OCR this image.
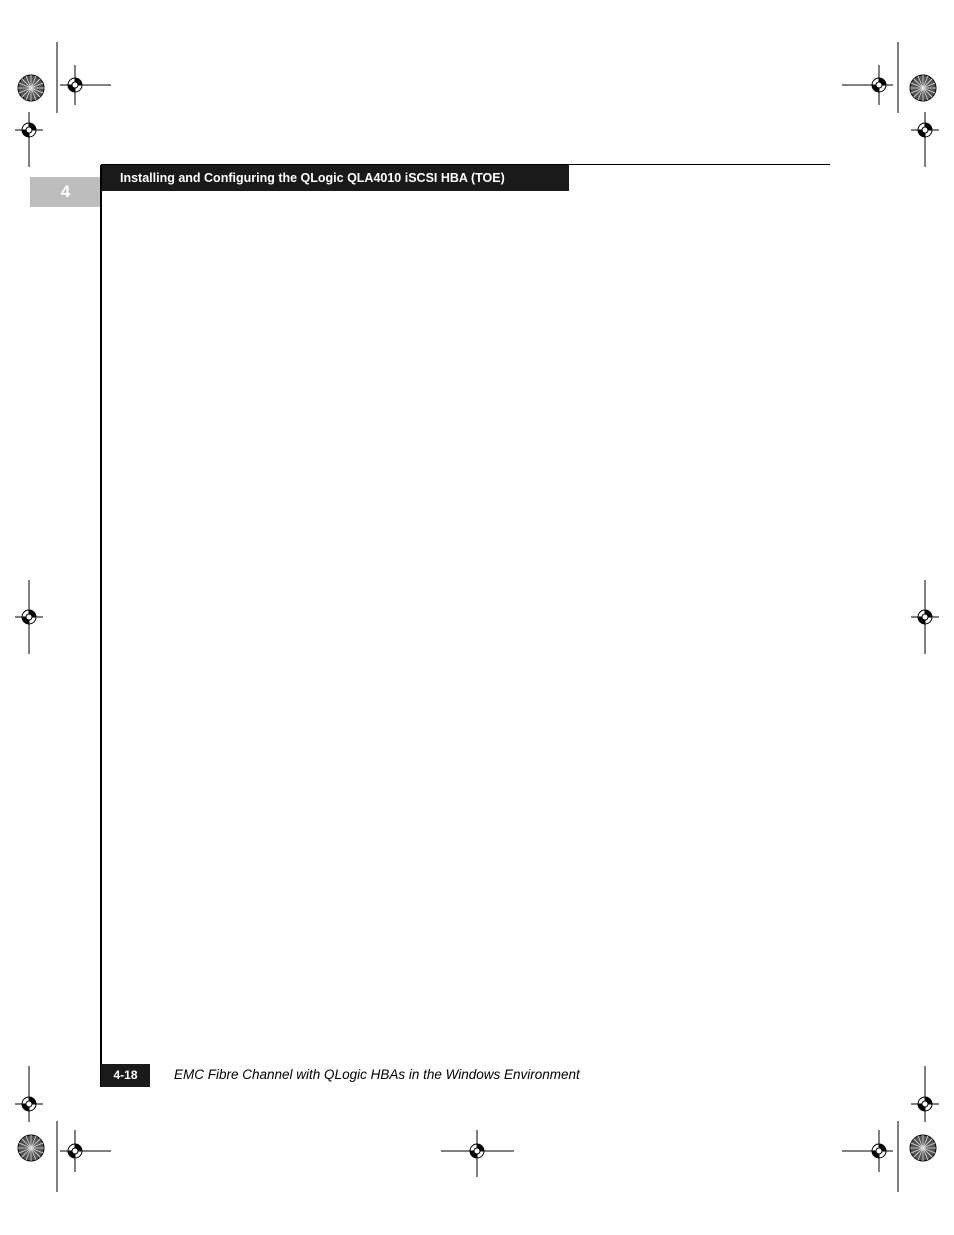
Installing and Configuring the QLogic QLA4010 iSCSI HBA (TOE)
4
4-18	EMC Fibre Channel with QLogic HBAs in the Windows Environment
